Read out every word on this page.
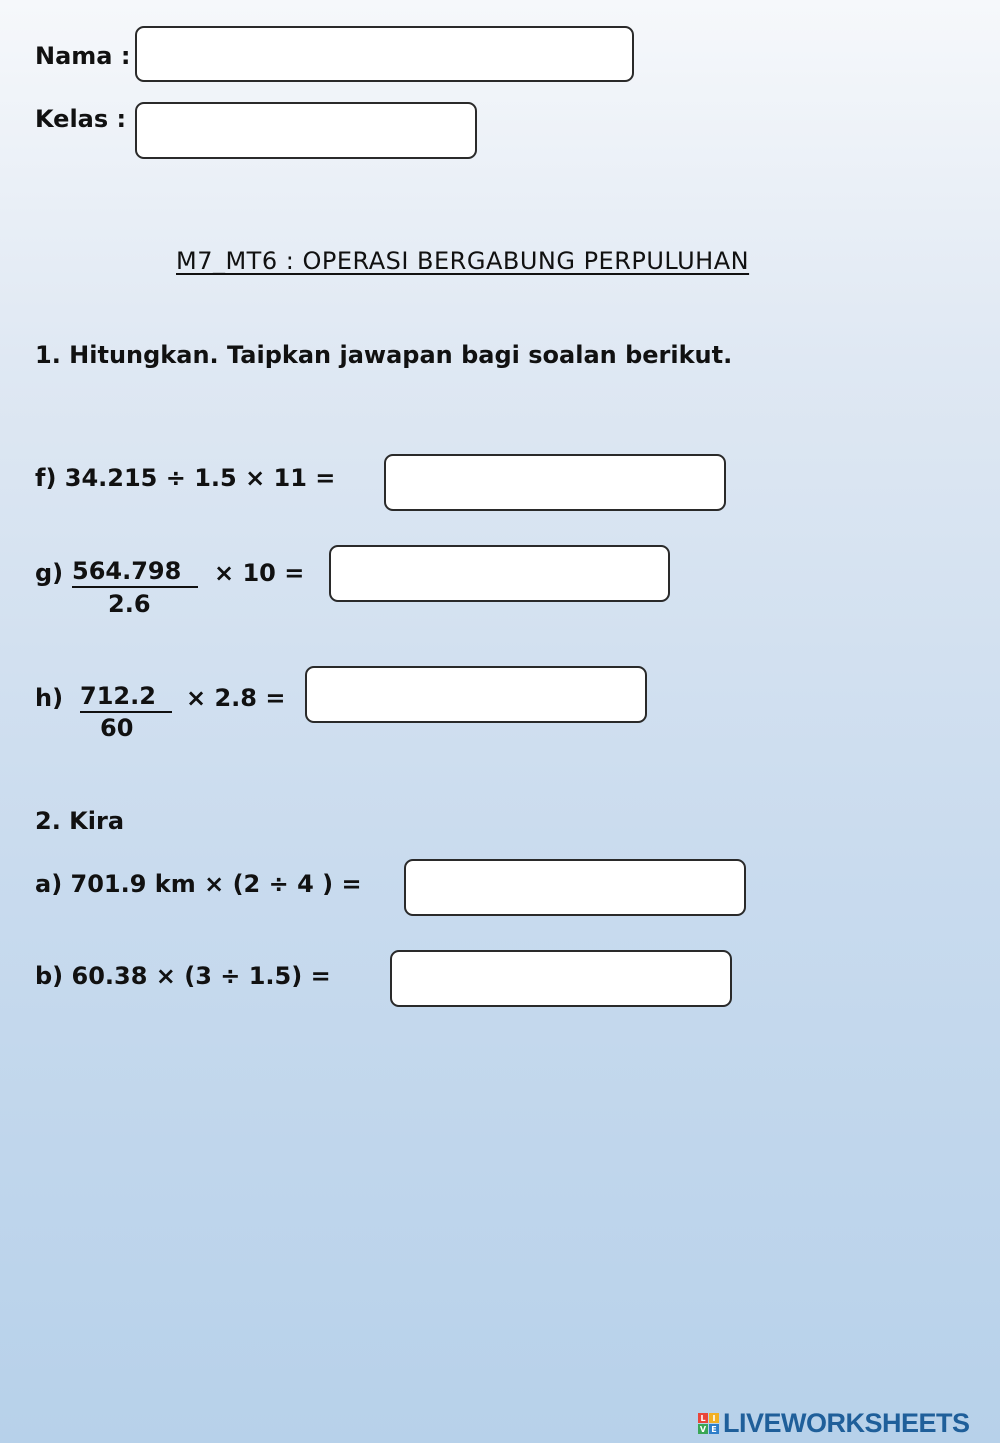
Nama :
Kelas :
M7_MT6 : OPERASI BERGABUNG PERPULUHAN
1. Hitungkan. Taipkan jawapan bagi soalan berikut.
f) 34.215 ÷ 1.5 × 11 =
g) 564.798
2.6
× 10 =
h) 712.2
60
× 2.8 =
2. Kira
a) 701.9 km × (2 ÷ 4 ) =
b) 60.38 × (3 ÷ 1.5) =
L I
V E LIVEWORKSHEETS
